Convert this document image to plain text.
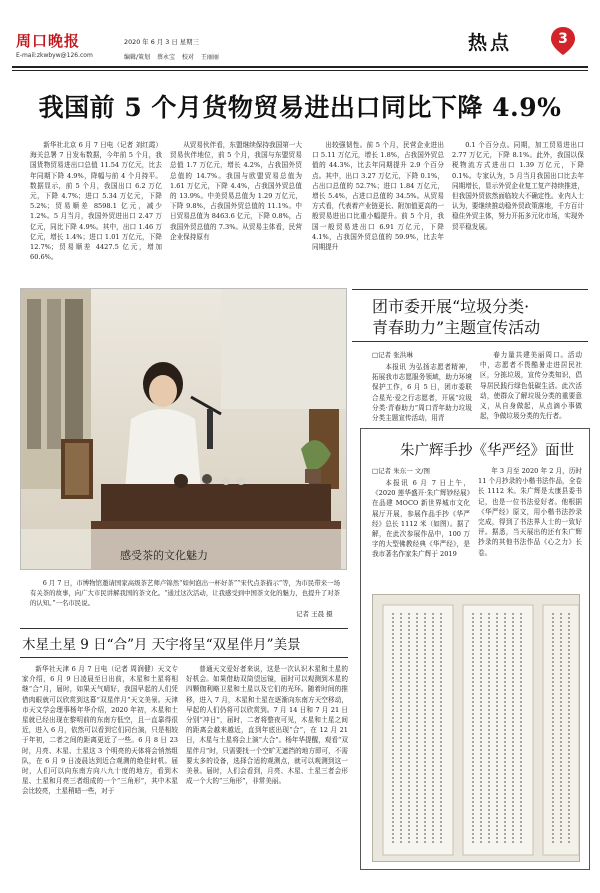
周口晚报
E-mail:zkwbyw@126.com
2020 年 6 月 3 日 星期三
编辑/策划 蔡永宝 校对 王丽丽
热点	3
我国前 5 个月货物贸易进出口同比下降 4.9%

新华社北京 6 月 7 日电（记者 刘红霞）海关总署 7 日发布数据，今年前 5 个月，我国货物贸易进出口总值 11.54 万亿元，比去年同期下降 4.9%，降幅与前 4 个月持平。数据显示，前 5 个月，我国出口 6.2 万亿元，下降 4.7%；进口 5.34 万亿元，下降 5.2%；贸易顺差 8598.1 亿元，减少 1.2%。5 月当月，我国外贸进出口 2.47 万亿元，同比下降 4.9%。其中，出口 1.46 万亿元，增长 1.4%；进口 1.01 万亿元，下降 12.7%；贸易顺差 4427.5 亿元，增加 60.6%。

从贸易伙伴看，东盟继续保持我国第一大贸易伙伴地位，前 5 个月，我国与东盟贸易总值 1.7 万亿元，增长 4.2%，占我国外贸总值的 14.7%。我国与欧盟贸易总值为 1.61 万亿元，下降 4.4%，占我国外贸总值的 13.9%。中美贸易总值为 1.29 万亿元，下降 9.8%，占我国外贸总值的 11.1%。中日贸易总值为 8463.6 亿元，下降 0.8%，占我国外贸总值的 7.3%。从贸易主体看，民营企业保持原有

出较强韧性。前 5 个月，民营企业进出口 5.11 万亿元，增长 1.8%，占我国外贸总值的 44.3%，比去年同期提升 2.9 个百分点。其中，出口 3.27 万亿元，下降 0.1%，占出口总值的 52.7%；进口 1.84 万亿元，增长 5.4%，占进口总值的 34.5%。从贸易方式看，代表着产业链更长、附加值更高的一般贸易进出口比重小幅提升。前 5 个月，我国一般贸易进出口 6.91 万亿元，下降 4.1%，占我国外贸总值的 59.9%，比去年同期提升

0.1 个百分点。同期，加工贸易进出口 2.77 万亿元，下降 8.1%。此外，我国以保税物流方式进出口 1.39 万亿元，下降 0.1%。专家认为，5 月当月我国出口比去年同期增长，显示外贸企业复工复产持续推进，但我国外贸依然面临较大不确定性。业内人士认为，要继续推动稳外贸政策落地，千方百计稳住外贸主体，努力开拓多元化市场，实现外贸平稳发展。

感受茶的文化魅力

6 月 7 日，市博物馆邀请国家高级茶艺师卢锦然“如何泡出一杯好茶”“宋代点茶描示”等，为市民带来一场有关茶的故事，向广大市民讲解我国的茶文化。“通过这次活动，让我感受到中国茶文化的魅力，也提升了对茶的认知。”一名市民说。

记者 王晨 摄
团市委开展“垃圾分类·
青春助力”主题宣传活动
□记者 张洪琳

本报讯 为弘扬志愿者精神，拓展我市志愿服务领域，助力环境保护工作，6 月 5 日，团市委联合星光·爱之行志愿者，开展“垃圾分类·青春助力”周口青年助力垃圾分类主题宣传活动，用青

春力量共建美丽周口。活动中，志愿者不畏酷暑走进居民社区，分拣垃圾，宣传分类知识，倡导居民践行绿色低碳生活。此次活动，使群众了解垃圾分类的重要意义，从自身做起，从点滴小事做起，争做垃圾分类的先行者。

朱广辉手抄《华严经》面世
□记者 朱东一 文/图

本报讯 6 月 7 日上午，《2020 莲华盛开·朱广辉钞经展》在品建 MOCO 新世界城市文化展厅开展，参展作品手抄《华严经》总长 1112 米（如图）。据了解，在此次参展作品中，100 万字的大型佛教经典《华严经》，是我市著名作家朱广辉于 2019

年 3 月至 2020 年 2 月，历时 11 个月抄录的小楷书法作品，全卷长 1112 米。朱广辉是太康县委书记，也是一位书法爱好者。他根据《华严经》原文，用小楷书法抄录完成，得到了书法界人士的一致好评。据悉，当天展出的还有朱广辉抄录的其他书法作品《心之力》长卷。

木星土星 9 日“合”月 天宇将呈“双星伴月”美景

新华社天津 6 月 7 日电（记者 周润健）天文专家介绍，6 月 9 日凌晨至日出前，木星和土星将相继“合”月，届时，如果天气晴好，我国早起的人们凭借肉眼就可以欣赏到这幕“双星伴月”天文美景。天津市天文学会理事杨年华介绍，2020 年初，木星和土星就已经出现在黎明前的东南方低空，且一直靠得很近，进入 6 月，依然可以看到它们同台演，只是相较于年初，二者之间的距离更近了一些。6 月 8 日 23 时，月亮、木星、土星这 3 个明亮的天体将会悄然组队，在 6 月 9 日凌晨达到近合观测的绝佳时机。届时，人们可以向东南方向八九十度的地方，看到木星、土星和月亮三者组成的一个“三角形”，其中木星会比较亮，土星稍暗一些，对于

普通天文爱好者来说，这是一次认识木星和土星的好机会。如果借助双筒望远镜，届时可以观测到木星的四颗伽利略卫星和土星以及它们的光环。随着时间的推移，进入 7 月，木星和土星在逐渐向东南方天空移动，早起的人们仍将可以欣赏到。7 月 14 日和 7 月 21 日分别“冲日”，届时，二者将整夜可见，木星和土星之间的距离会越来越近，直到年底出现“合”，在 12 月 21 日，木星与土星将会上演“大合”。杨年华提醒，观看“双星伴月”时，只需要找一个空旷无遮挡的地方即可，不需要太多的设备，选择合适的观测点，就可以观测到这一美景。届时，人们会看到，月亮、木星、土星三者会形成一个大的“三角形”，非常美丽。
